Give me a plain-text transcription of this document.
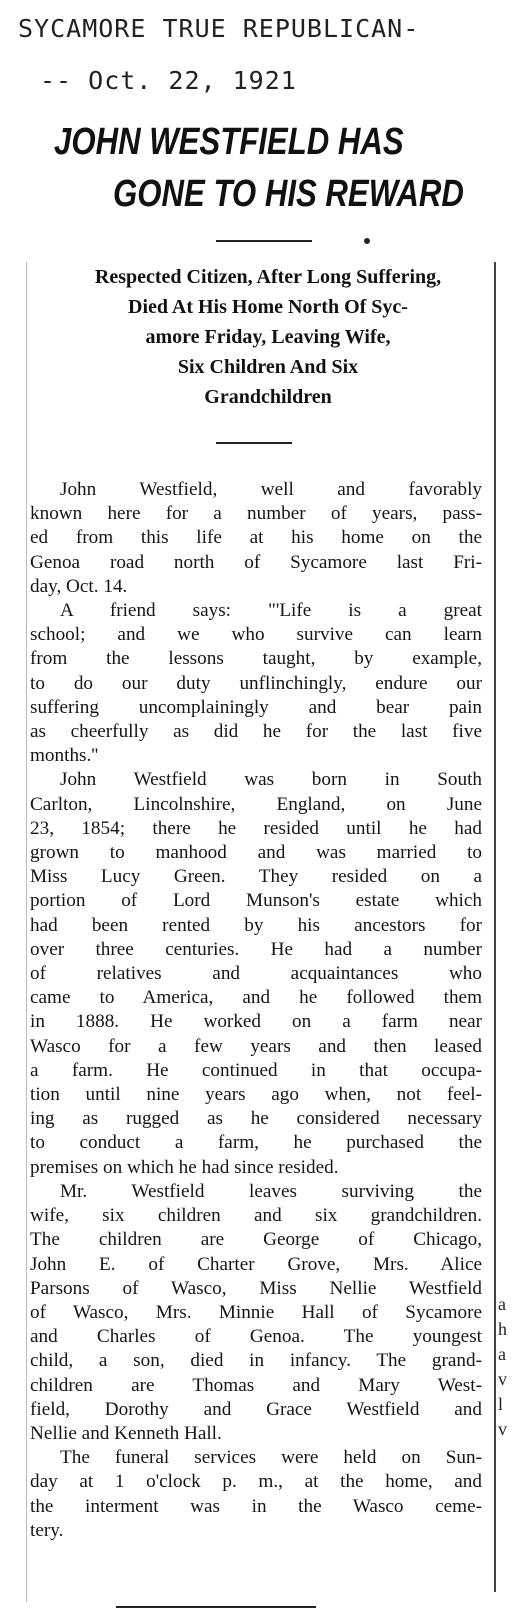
SYCAMORE TRUE REPUBLICAN-
-- Oct. 22, 1921
JOHN WESTFIELD HAS
GONE TO HIS REWARD
Respected Citizen, After Long Suffering,
Died At His Home North Of Syc-
amore Friday, Leaving Wife,
Six Children And Six
Grandchildren
John Westfield, well and favorably
known here for a number of years, pass-
ed from this life at his home on the
Genoa road north of Sycamore last Fri-
day, Oct. 14.
A friend says: "'Life is a great
school; and we who survive can learn
from the lessons taught, by example,
to do our duty unflinchingly, endure our
suffering uncomplainingly and bear pain
as cheerfully as did he for the last five
months.''
John Westfield was born in South
Carlton, Lincolnshire, England, on June
23, 1854; there he resided until he had
grown to manhood and was married to
Miss Lucy Green. They resided on a
portion of Lord Munson's estate which
had been rented by his ancestors for
over three centuries. He had a number
of relatives and acquaintances who
came to America, and he followed them
in 1888. He worked on a farm near
Wasco for a few years and then leased
a farm. He continued in that occupa-
tion until nine years ago when, not feel-
ing as rugged as he considered necessary
to conduct a farm, he purchased the
premises on which he had since resided.
Mr. Westfield leaves surviving the
wife, six children and six grandchildren.
The children are George of Chicago,
John E. of Charter Grove, Mrs. Alice
Parsons of Wasco, Miss Nellie Westfield
of Wasco, Mrs. Minnie Hall of Sycamore
and Charles of Genoa. The youngest
child, a son, died in infancy. The grand-
children are Thomas and Mary West-
field, Dorothy and Grace Westfield and
Nellie and Kenneth Hall.
The funeral services were held on Sun-
day at 1 o'clock p. m., at the home, and
the interment was in the Wasco ceme-
tery.
a
h
a
v
l
v
